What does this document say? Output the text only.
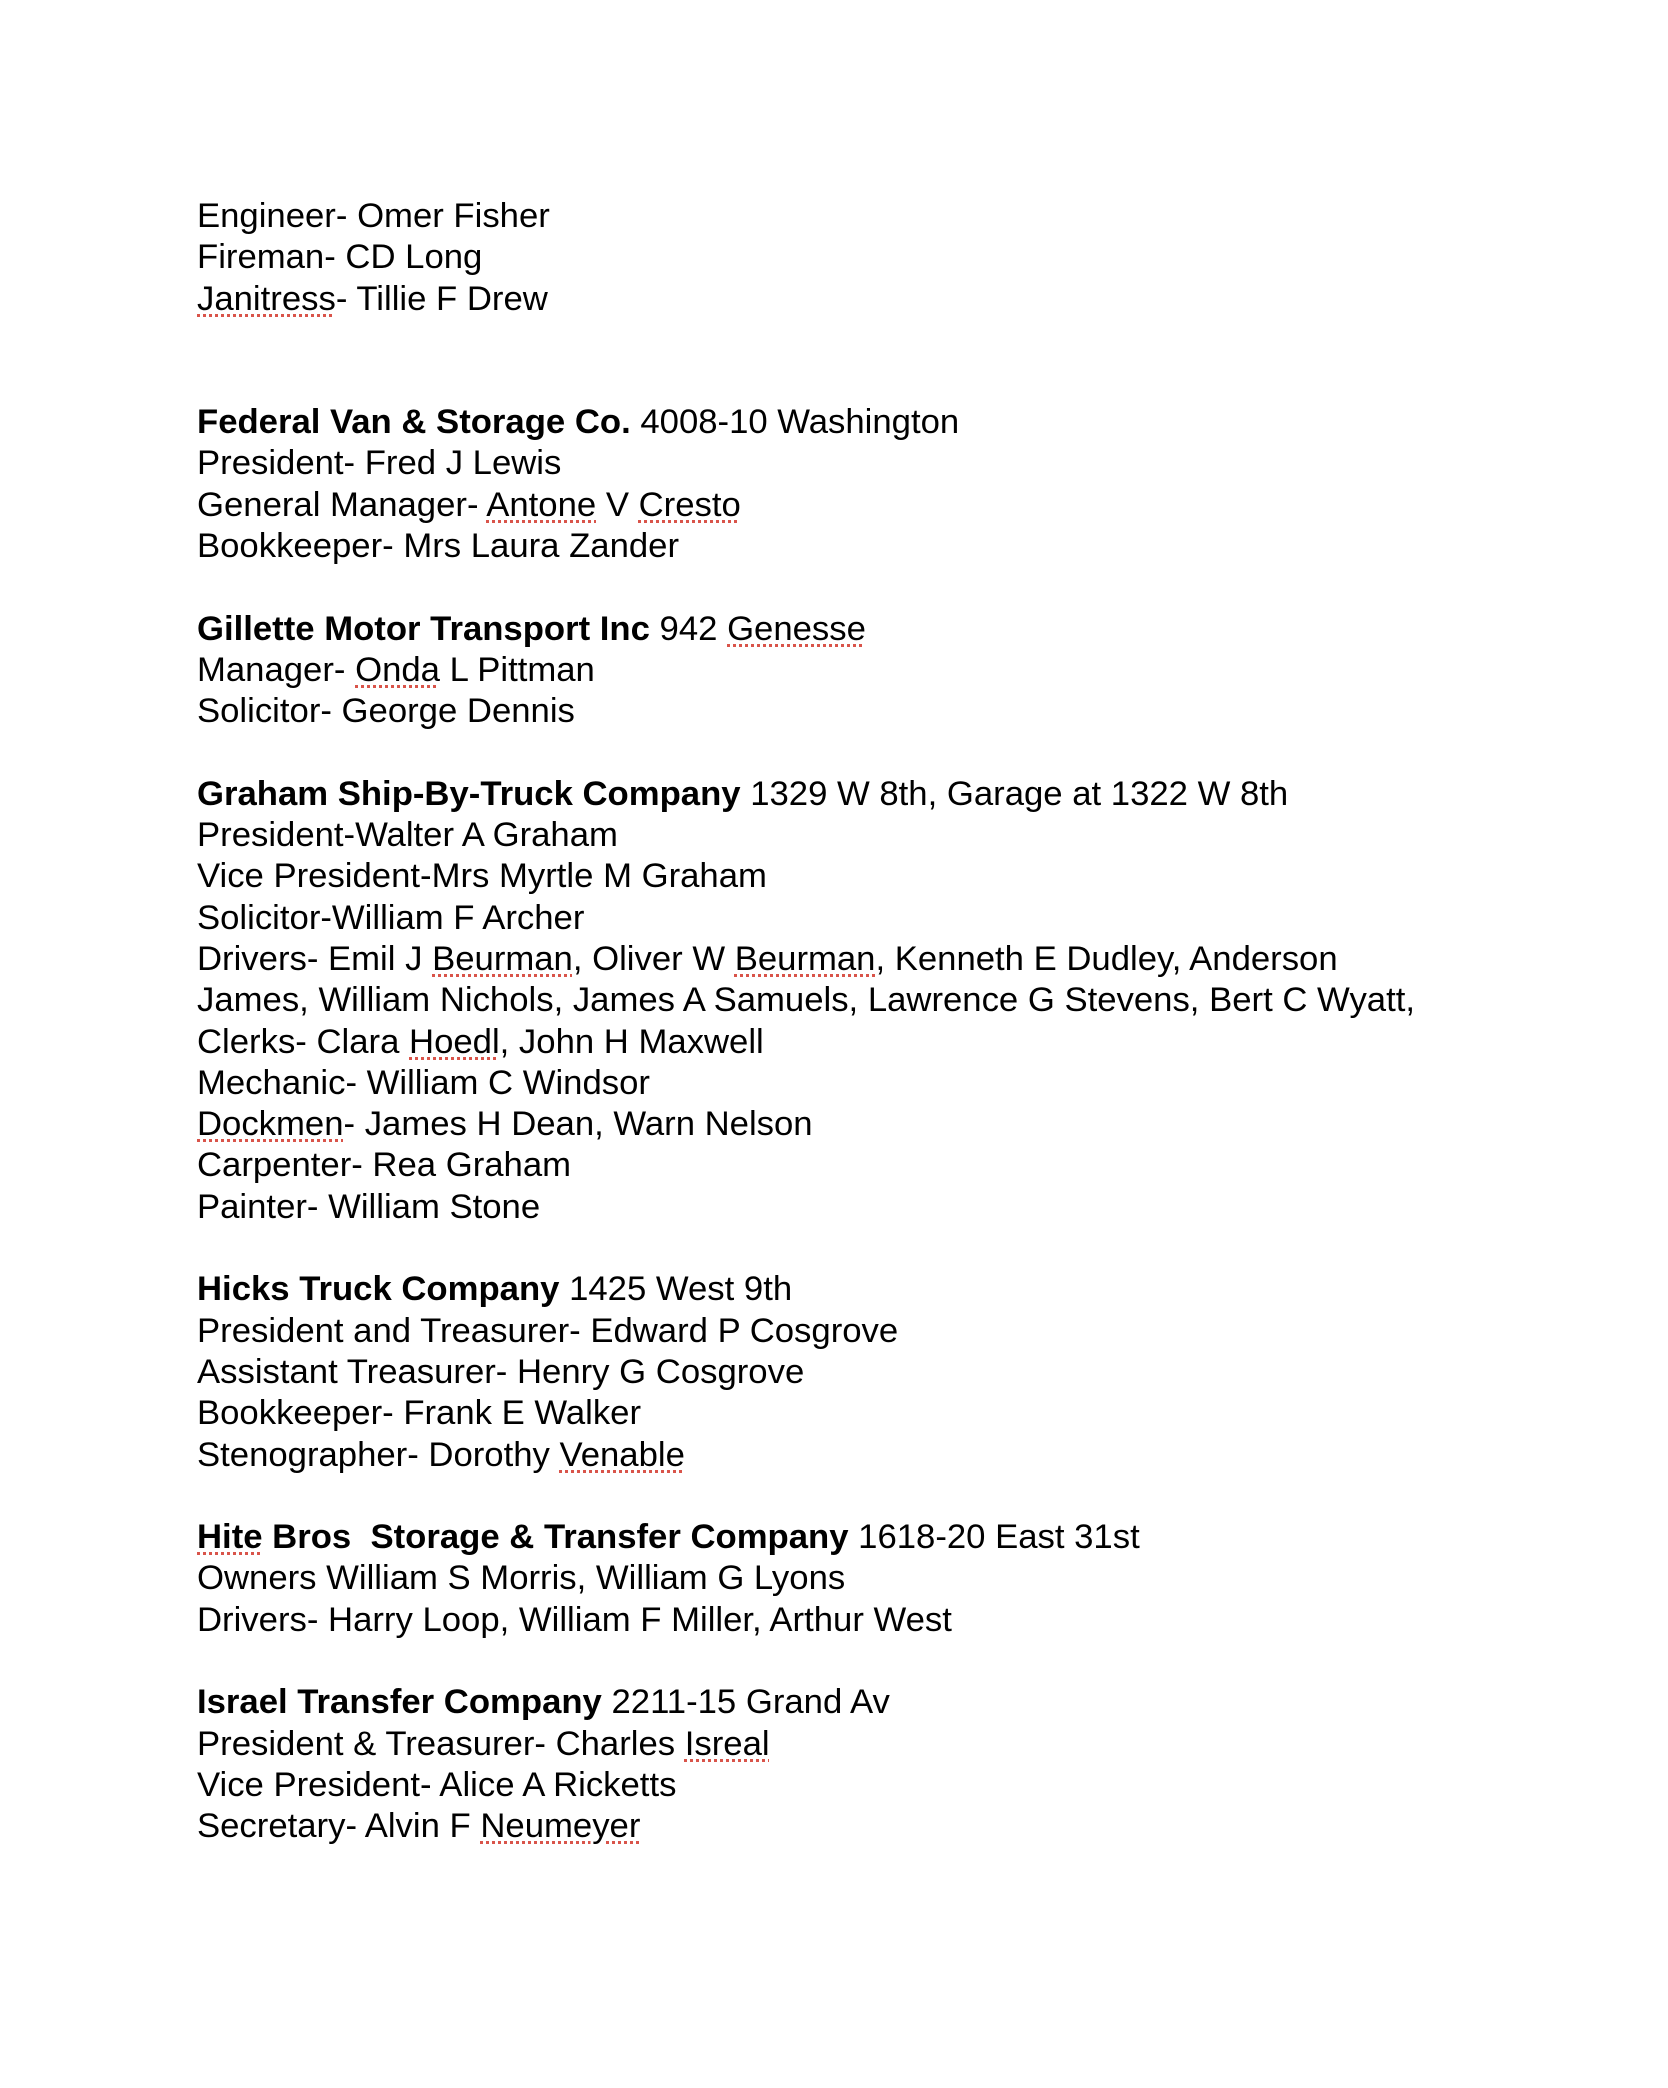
Engineer- Omer Fisher
Fireman- CD Long
Janitress- Tillie F Drew
Federal Van & Storage Co. 4008-10 Washington
President- Fred J Lewis
General Manager- Antone V Cresto
Bookkeeper- Mrs Laura Zander
Gillette Motor Transport Inc 942 Genesse
Manager- Onda L Pittman
Solicitor- George Dennis
Graham Ship-By-Truck Company 1329 W 8th, Garage at 1322 W 8th
President-Walter A Graham
Vice President-Mrs Myrtle M Graham
Solicitor-William F Archer
Drivers- Emil J Beurman, Oliver W Beurman, Kenneth E Dudley, Anderson
James, William Nichols, James A Samuels, Lawrence G Stevens, Bert C Wyatt,
Clerks- Clara Hoedl, John H Maxwell
Mechanic- William C Windsor
Dockmen- James H Dean, Warn Nelson
Carpenter- Rea Graham
Painter- William Stone
Hicks Truck Company 1425 West 9th
President and Treasurer- Edward P Cosgrove
Assistant Treasurer- Henry G Cosgrove
Bookkeeper- Frank E Walker
Stenographer- Dorothy Venable
Hite Bros  Storage & Transfer Company 1618-20 East 31st
Owners William S Morris, William G Lyons
Drivers- Harry Loop, William F Miller, Arthur West
Israel Transfer Company 2211-15 Grand Av
President & Treasurer- Charles Isreal
Vice President- Alice A Ricketts
Secretary- Alvin F Neumeyer
